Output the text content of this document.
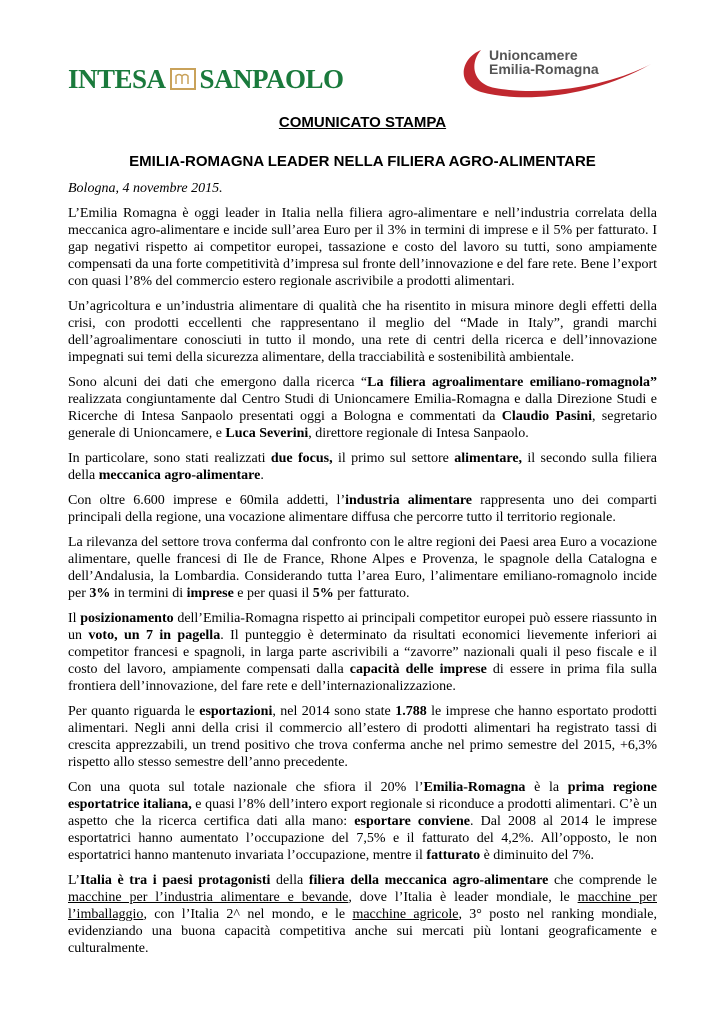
INTESA SANPAOLO
Unioncamere
Emilia-Romagna
COMUNICATO STAMPA
EMILIA-ROMAGNA LEADER NELLA FILIERA AGRO-ALIMENTARE
Bologna, 4 novembre 2015.

L’Emilia Romagna è oggi leader in Italia nella filiera agro-alimentare e nell’industria correlata della meccanica agro-alimentare e incide sull’area Euro per il 3% in termini di imprese e il 5% per fatturato. I gap negativi rispetto ai competitor europei, tassazione e costo del lavoro su tutti, sono ampiamente compensati da una forte competitività d’impresa sul fronte dell’innovazione e del fare rete. Bene l’export con quasi l’8% del commercio estero regionale ascrivibile a prodotti alimentari.

Un’agricoltura e un’industria alimentare di qualità che ha risentito in misura minore degli effetti della crisi, con prodotti eccellenti che rappresentano il meglio del “Made in Italy”, grandi marchi dell’agroalimentare conosciuti in tutto il mondo, una rete di centri della ricerca e dell’innovazione impegnati sui temi della sicurezza alimentare, della tracciabilità e sostenibilità ambientale.

Sono alcuni dei dati che emergono dalla ricerca “La filiera agroalimentare emiliano-romagnola” realizzata congiuntamente dal Centro Studi di Unioncamere Emilia-Romagna e dalla Direzione Studi e Ricerche di Intesa Sanpaolo presentati oggi a Bologna e commentati da Claudio Pasini, segretario generale di Unioncamere, e Luca Severini, direttore regionale di Intesa Sanpaolo.

In particolare, sono stati realizzati due focus, il primo sul settore alimentare, il secondo sulla filiera della meccanica agro-alimentare.

Con oltre 6.600 imprese e 60mila addetti, l’industria alimentare rappresenta uno dei comparti principali della regione, una vocazione alimentare diffusa che percorre tutto il territorio regionale.

La rilevanza del settore trova conferma dal confronto con le altre regioni dei Paesi area Euro a vocazione alimentare, quelle francesi di Ile de France, Rhone Alpes e Provenza, le spagnole della Catalogna e dell’Andalusia, la Lombardia. Considerando tutta l’area Euro, l’alimentare emiliano-romagnolo incide per 3% in termini di imprese e per quasi il 5% per fatturato.

Il posizionamento dell’Emilia-Romagna rispetto ai principali competitor europei può essere riassunto in un voto, un 7 in pagella. Il punteggio è determinato da risultati economici lievemente inferiori ai competitor francesi e spagnoli, in larga parte ascrivibili a “zavorre” nazionali quali il peso fiscale e il costo del lavoro, ampiamente compensati dalla capacità delle imprese di essere in prima fila sulla frontiera dell’innovazione, del fare rete e dell’internazionalizzazione.

Per quanto riguarda le esportazioni, nel 2014 sono state 1.788 le imprese che hanno esportato prodotti alimentari. Negli anni della crisi il commercio all’estero di prodotti alimentari ha registrato tassi di crescita apprezzabili, un trend positivo che trova conferma anche nel primo semestre del 2015, +6,3% rispetto allo stesso semestre dell’anno precedente.

Con una quota sul totale nazionale che sfiora il 20% l’Emilia-Romagna è la prima regione esportatrice italiana, e quasi l’8% dell’intero export regionale si riconduce a prodotti alimentari. C’è un aspetto che la ricerca certifica dati alla mano: esportare conviene. Dal 2008 al 2014 le imprese esportatrici hanno aumentato l’occupazione del 7,5% e il fatturato del 4,2%. All’opposto, le non esportatrici hanno mantenuto invariata l’occupazione, mentre il fatturato è diminuito del 7%.

L’Italia è tra i paesi protagonisti della filiera della meccanica agro-alimentare che comprende le macchine per l’industria alimentare e bevande, dove l’Italia è leader mondiale, le macchine per l’imballaggio, con l’Italia 2^ nel mondo, e le macchine agricole, 3° posto nel ranking mondiale, evidenziando una buona capacità competitiva anche sui mercati più lontani geograficamente e culturalmente.
